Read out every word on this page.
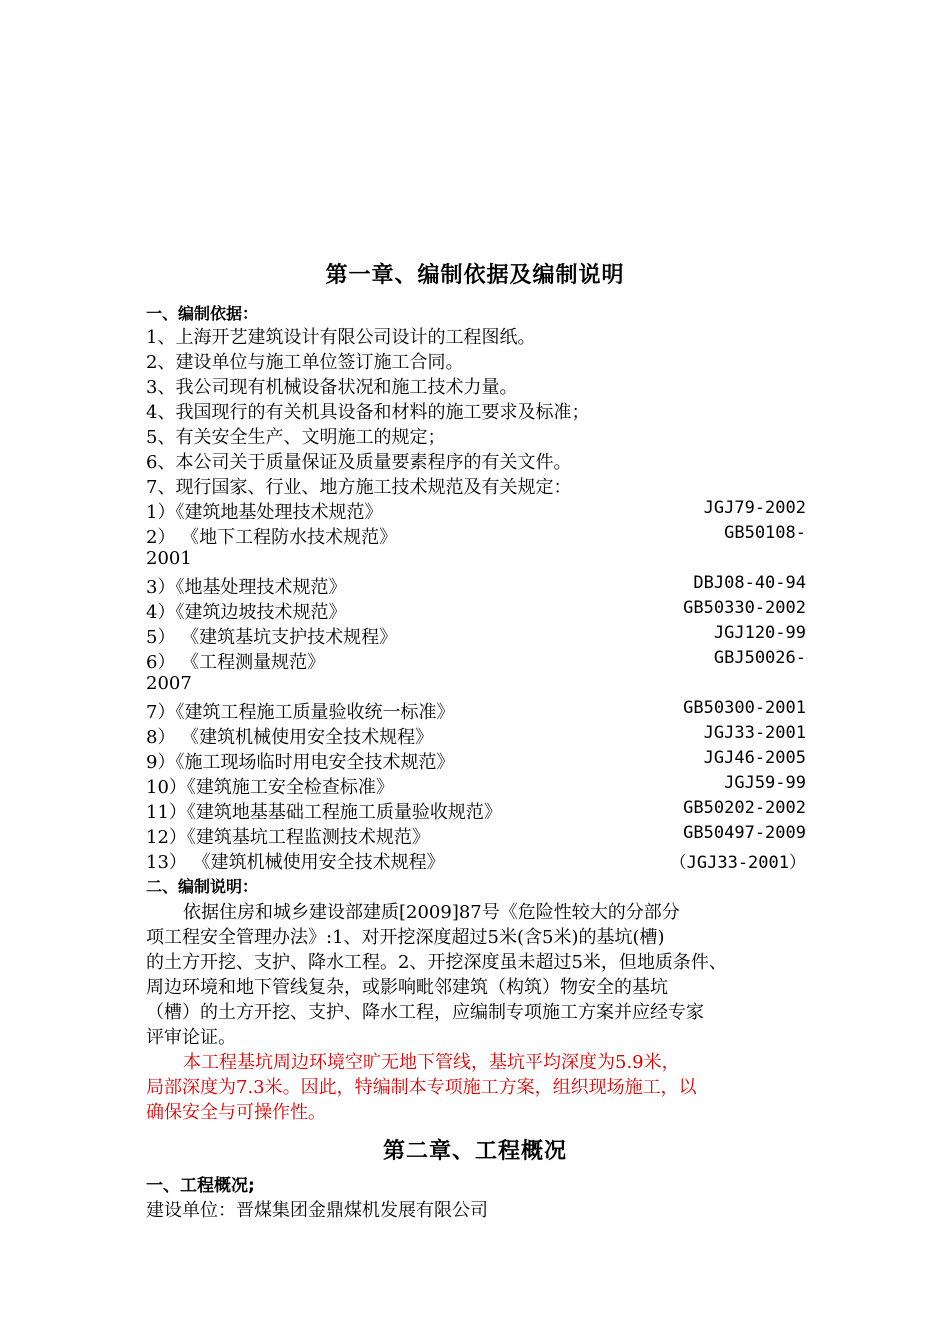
第一章、编制依据及编制说明
一、编制依据：
1、上海开艺建筑设计有限公司设计的工程图纸。
2、建设单位与施工单位签订施工合同。
3、我公司现有机械设备状况和施工技术力量。
4、我国现行的有关机具设备和材料的施工要求及标准；
5、有关安全生产、文明施工的规定；
6、本公司关于质量保证及质量要素程序的有关文件。
7、现行国家、行业、地方施工技术规范及有关规定：
1）《建筑地基处理技术规范》	JGJ79-2002
2） 《地下工程防水技术规范》	GB50108-
2001
3）《地基处理技术规范》	DBJ08-40-94
4）《建筑边坡技术规范》	GB50330-2002
5） 《建筑基坑支护技术规程》	JGJ120-99
6） 《工程测量规范》	GBJ50026-
2007
7）《建筑工程施工质量验收统一标准》	GB50300-2001
8） 《建筑机械使用安全技术规程》	JGJ33-2001
9）《施工现场临时用电安全技术规范》	JGJ46-2005
10）《建筑施工安全检查标准》	JGJ59-99
11）《建筑地基基础工程施工质量验收规范》	GB50202-2002
12）《建筑基坑工程监测技术规范》	GB50497-2009
13） 《建筑机械使用安全技术规程》	（JGJ33-2001）
二、编制说明：
依据住房和城乡建设部建质[2009]87号《危险性较大的分部分
项工程安全管理办法》:1、对开挖深度超过5米(含5米)的基坑(槽)
的土方开挖、支护、降水工程。2、开挖深度虽未超过5米，但地质条件、
周边环境和地下管线复杂，或影响毗邻建筑（构筑）物安全的基坑
（槽）的土方开挖、支护、降水工程，应编制专项施工方案并应经专家
评审论证。
本工程基坑周边环境空旷无地下管线，基坑平均深度为5.9米，
局部深度为7.3米。因此，特编制本专项施工方案，组织现场施工，以
确保安全与可操作性。
第二章、工程概况
一、工程概况;
建设单位：晋煤集团金鼎煤机发展有限公司
